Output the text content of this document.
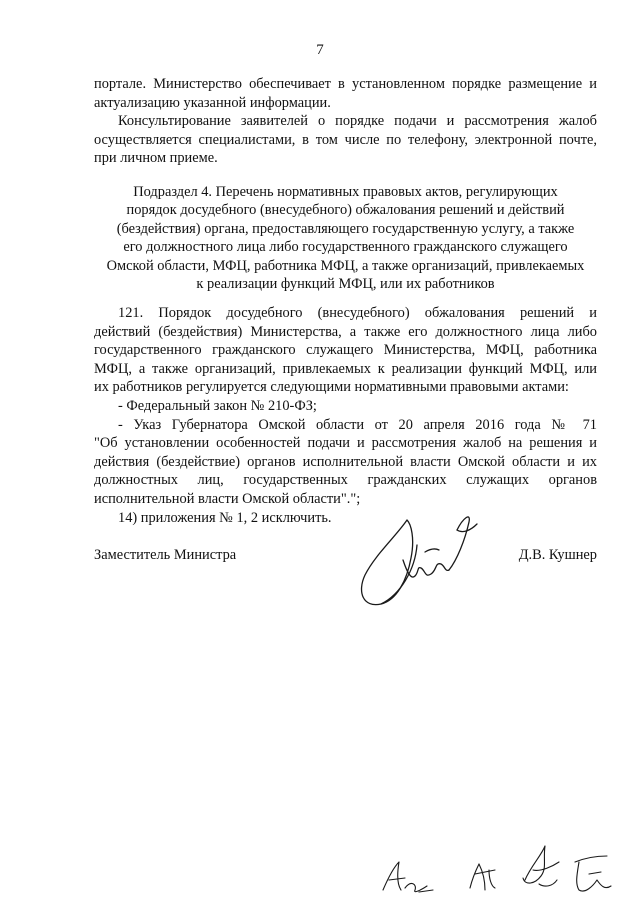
7
порталe. Министерство обеспечивает в установленном порядке размещение и
актуализацию указанной информации.
Консультирование заявителей о порядке подачи и рассмотрения жалоб
осуществляется специалистами, в том числе по телефону, электронной почте,
при личном приеме.
Подраздел 4. Перечень нормативных правовых актов, регулирующих
порядок досудебного (внесудебного) обжалования решений и действий
(бездействия) органа, предоставляющего государственную услугу, а также
его должностного лица либо государственного гражданского служащего
Омской области, МФЦ, работника МФЦ, а также организаций, привлекаемых
к реализации функций МФЦ, или их работников
121. Порядок досудебного (внесудебного) обжалования решений и
действий (бездействия) Министерства, а также его должностного лица либо
государственного гражданского служащего Министерства, МФЦ, работника
МФЦ, а также организаций, привлекаемых к реализации функций МФЦ, или
их работников регулируется следующими нормативными правовыми актами:
- Федеральный закон № 210-ФЗ;
- Указ Губернатора Омской области от 20 апреля 2016 года № 71
"Об установлении особенностей подачи и рассмотрения жалоб на решения и
действия (бездействие) органов исполнительной власти Омской области и их
должностных лиц, государственных гражданских служащих органов
исполнительной власти Омской области".";
14) приложения № 1, 2 исключить.
Заместитель Министра	Д.В. Кушнер
